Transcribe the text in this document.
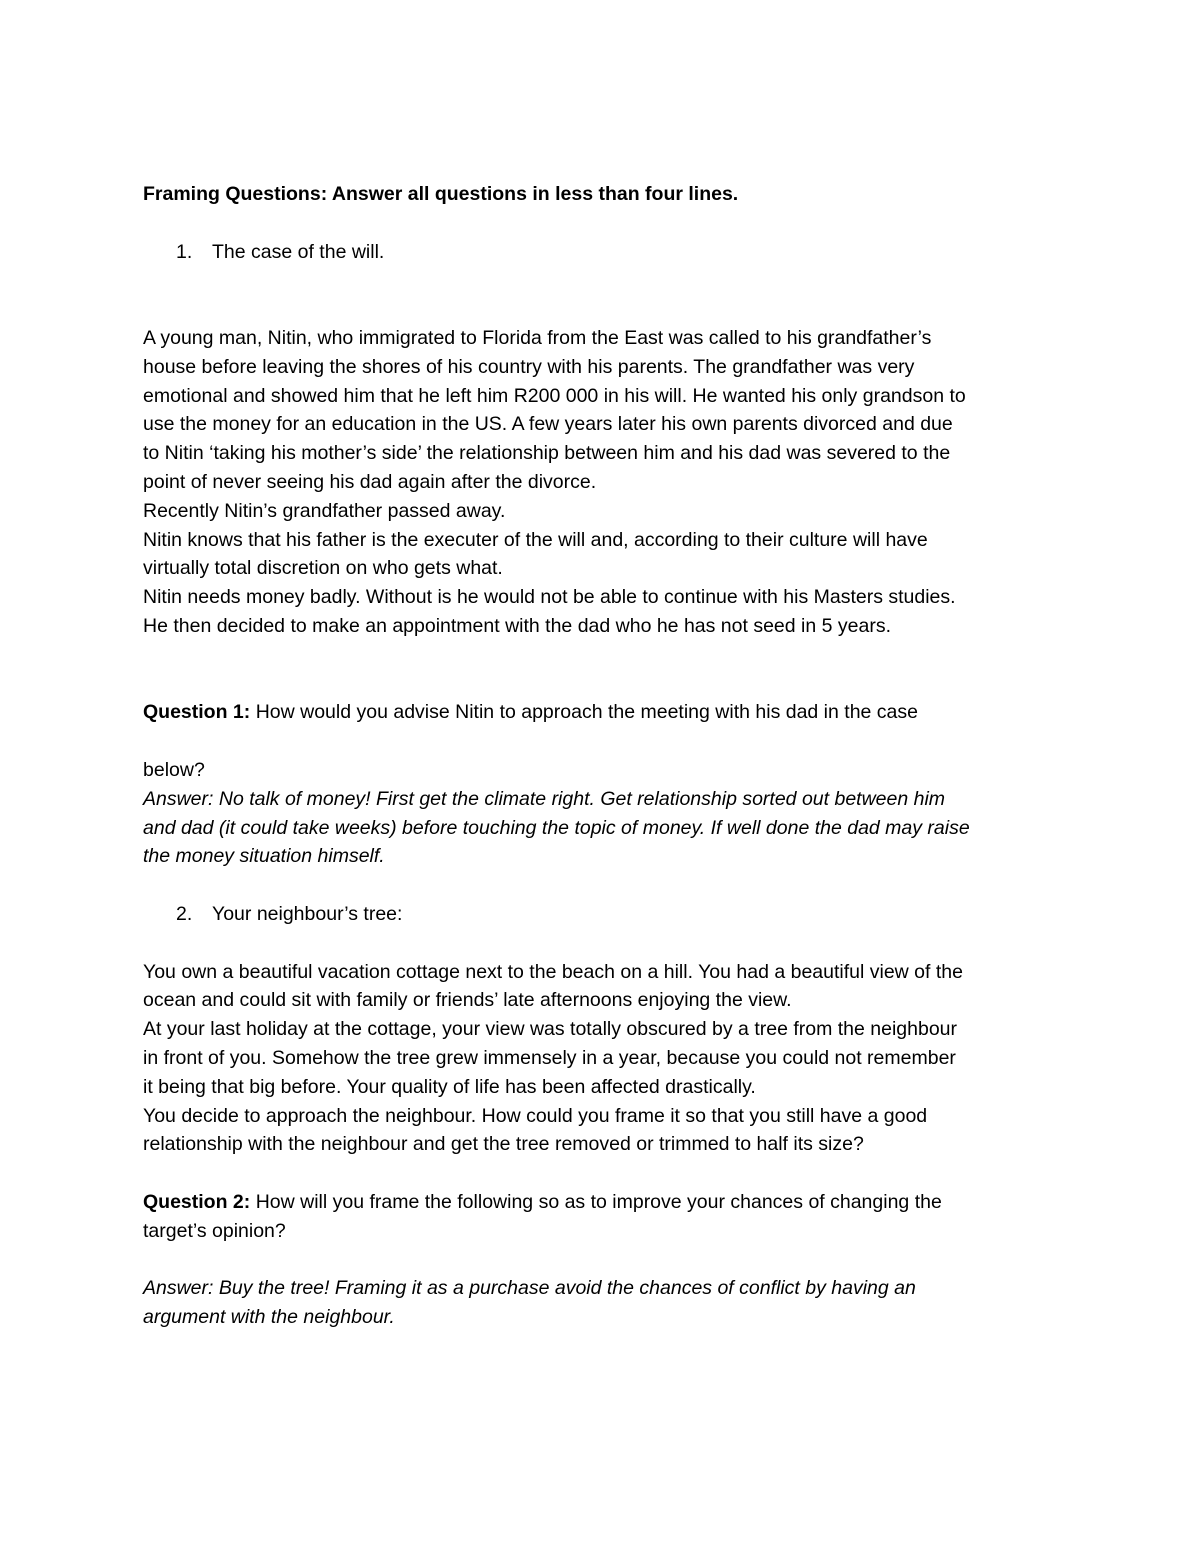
Framing Questions: Answer all questions in less than four lines.

1.	The case of the will.

A young man, Nitin, who immigrated to Florida from the East was called to his grandfather’s

house before leaving the shores of his country with his parents. The grandfather was very

emotional and showed him that he left him R200 000 in his will. He wanted his only grandson to

use the money for an education in the US. A few years later his own parents divorced and due

to Nitin ‘taking his mother’s side’ the relationship between him and his dad was severed to the

point of never seeing his dad again after the divorce.

Recently Nitin’s grandfather passed away.

Nitin knows that his father is the executer of the will and, according to their culture will have

virtually total discretion on who gets what.

Nitin needs money badly. Without is he would not be able to continue with his Masters studies.

He then decided to make an appointment with the dad who he has not seed in 5 years.

Question 1: How would you advise Nitin to approach the meeting with his dad in the case

below?

Answer: No talk of money! First get the climate right. Get relationship sorted out between him

and dad (it could take weeks) before touching the topic of money. If well done the dad may raise

the money situation himself.

2.	Your neighbour’s tree:

You own a beautiful vacation cottage next to the beach on a hill. You had a beautiful view of the

ocean and could sit with family or friends’ late afternoons enjoying the view.

At your last holiday at the cottage, your view was totally obscured by a tree from the neighbour

in front of you. Somehow the tree grew immensely in a year, because you could not remember

it being that big before. Your quality of life has been affected drastically.

You decide to approach the neighbour. How could you frame it so that you still have a good

relationship with the neighbour and get the tree removed or trimmed to half its size?

Question 2: How will you frame the following so as to improve your chances of changing the

target’s opinion?

Answer: Buy the tree! Framing it as a purchase avoid the chances of conflict by having an

argument with the neighbour.
